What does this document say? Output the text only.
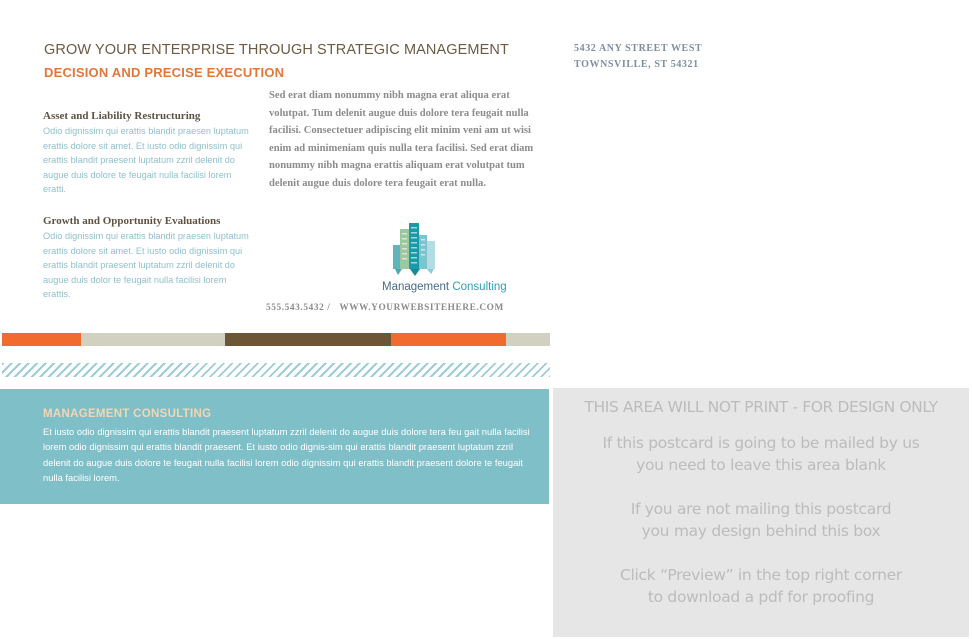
GROW YOUR ENTERPRISE THROUGH STRATEGIC MANAGEMENT
DECISION AND PRECISE EXECUTION
5432 ANY STREET WEST
TOWNSVILLE, ST 54321
Asset and Liability Restructuring

Odio dignissim qui erattis blandit praesen luptatum erattis dolore sit amet. Et iusto odio dignissim qui erattis blandit praesent luptatum zzril delenit do augue duis dolore te feugait nulla facilisi lorem eratti.

Growth and Opportunity Evaluations

Odio dignissim qui erattis blandit praesen luptatum erattis dolore sit amet. Et iusto odio dignissim qui erattis blandit praesent luptatum zzril delenit do augue duis dolor te feugait nulla facilisi lorem erattis.

Sed erat diam nonummy nibh magna erat aliqua erat volutpat. Tum delenit augue duis dolore tera feugait nulla facilisi. Consectetuer adipiscing elit minim veni am ut wisi enim ad minimeniam quis nulla tera facilisi. Sed erat diam nonummy nibh magna erattis aliquam erat volutpat tum delenit augue duis dolore tera feugait erat nulla.

Management Consulting
555.543.5432 / WWW.YOURWEBSITEHERE.COM
MANAGEMENT CONSULTING

Et iusto odio dignissim qui erattis blandit praesent luptatum zzril delenit do augue duis dolore tera feu gait nulla facilisi lorem odio dignissim qui erattis blandit praesent. Et iusto odio dignis-sim qui erattis blandit praesent luptatum zzril delenit do augue duis dolore te feugait nulla facilisi lorem odio dignissim qui erattis blandit praesent dolore te feugait nulla facilisi lorem.

THIS AREA WILL NOT PRINT - FOR DESIGN ONLY
If this postcard is going to be mailed by us
you need to leave this area blank
If you are not mailing this postcard
you may design behind this box
Click “Preview” in the top right corner
to download a pdf for proofing
